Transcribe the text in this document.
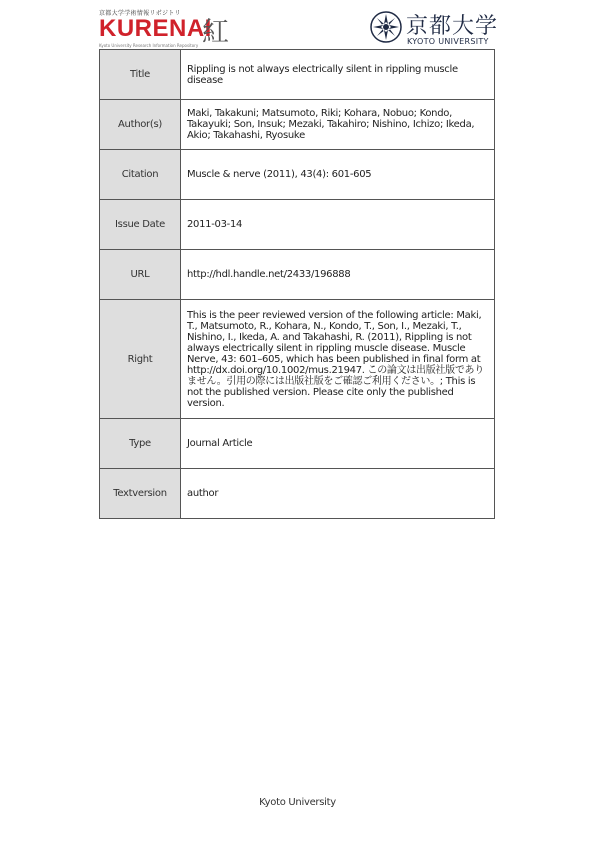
京都大学学術情報リポジトリ
KURENAI
紅
Kyoto University Research Information Repository
京都大学
KYOTO UNIVERSITY
Title	Rippling is not always electrically silent in rippling muscle disease
Author(s)	Maki, Takakuni; Matsumoto, Riki; Kohara, Nobuo; Kondo, Takayuki; Son, Insuk; Mezaki, Takahiro; Nishino, Ichizo; Ikeda, Akio; Takahashi, Ryosuke
Citation	Muscle & nerve (2011), 43(4): 601-605
Issue Date	2011-03-14
URL	http://hdl.handle.net/2433/196888
Right	This is the peer reviewed version of the following article: Maki, T., Matsumoto, R., Kohara, N., Kondo, T., Son, I., Mezaki, T., Nishino, I., Ikeda, A. and Takahashi, R. (2011), Rippling is not always electrically silent in rippling muscle disease. Muscle Nerve, 43: 601–605, which has been published in final form at http://dx.doi.org/10.1002/mus.21947. この論文は出版社版でありません。引用の際には出版社版をご確認ご利用ください。; This is not the published version. Please cite only the published version.
Type	Journal Article
Textversion	author
Kyoto University
